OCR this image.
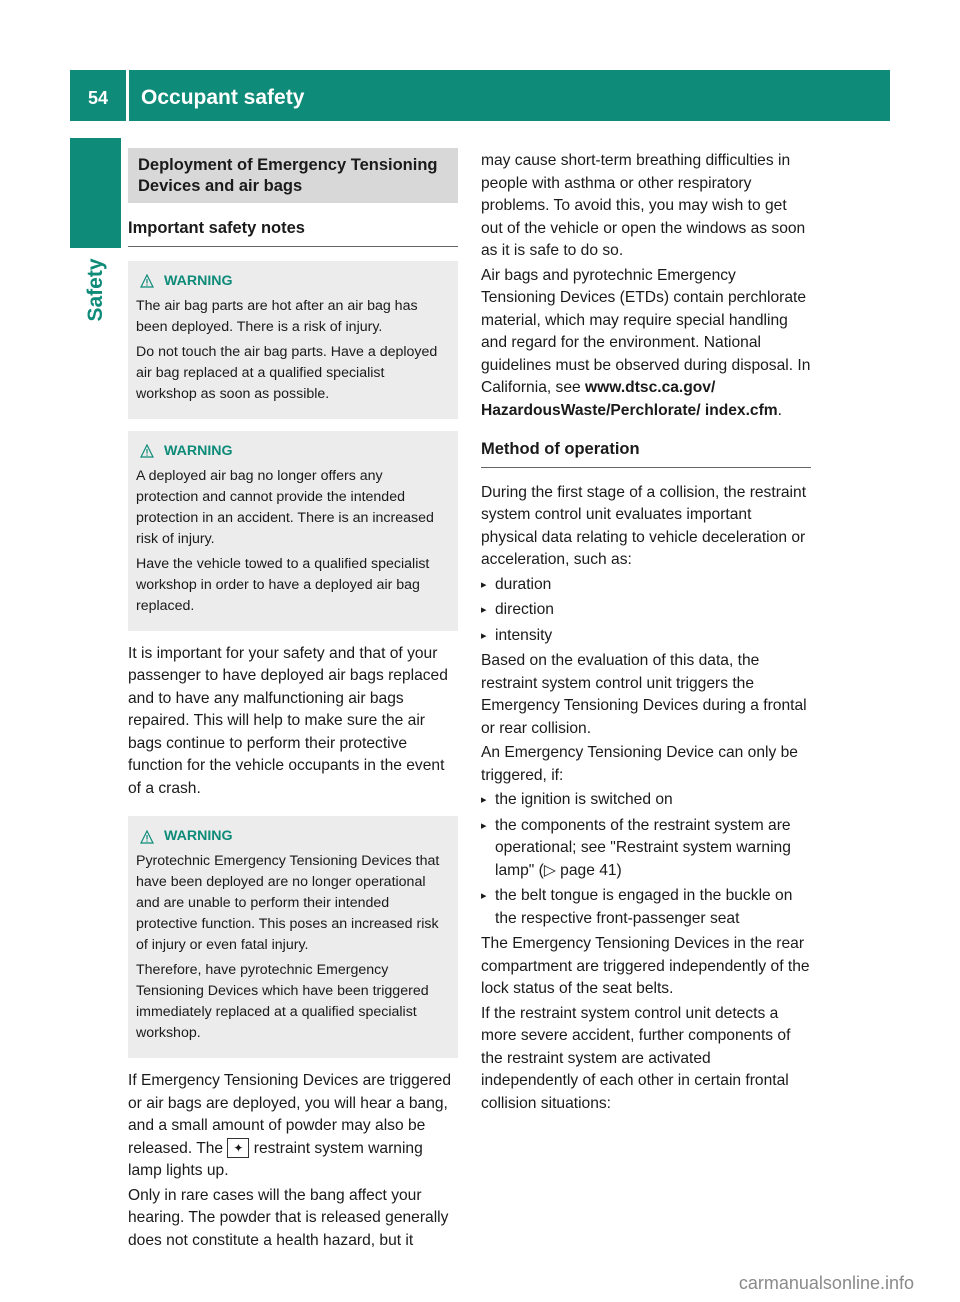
54	Occupant safety
Safety
Deployment of Emergency Tensioning Devices and air bags
Important safety notes
WARNING

The air bag parts are hot after an air bag has been deployed. There is a risk of injury.

Do not touch the air bag parts. Have a deployed air bag replaced at a qualified specialist workshop as soon as possible.

WARNING

A deployed air bag no longer offers any protection and cannot provide the intended protection in an accident. There is an increased risk of injury.

Have the vehicle towed to a qualified specialist workshop in order to have a deployed air bag replaced.

It is important for your safety and that of your passenger to have deployed air bags replaced and to have any malfunctioning air bags repaired. This will help to make sure the air bags continue to perform their protective function for the vehicle occupants in the event of a crash.

WARNING

Pyrotechnic Emergency Tensioning Devices that have been deployed are no longer operational and are unable to perform their intended protective function. This poses an increased risk of injury or even fatal injury.

Therefore, have pyrotechnic Emergency Tensioning Devices which have been triggered immediately replaced at a qualified specialist workshop.

If Emergency Tensioning Devices are triggered or air bags are deployed, you will hear a bang, and a small amount of powder may also be released. The ✦ restraint system warning lamp lights up.

Only in rare cases will the bang affect your hearing. The powder that is released generally does not constitute a health hazard, but it

may cause short-term breathing difficulties in people with asthma or other respiratory problems. To avoid this, you may wish to get out of the vehicle or open the windows as soon as it is safe to do so.

Air bags and pyrotechnic Emergency Tensioning Devices (ETDs) contain perchlorate material, which may require special handling and regard for the environment. National guidelines must be observed during disposal. In California, see www.dtsc.ca.gov/ HazardousWaste/Perchlorate/ index.cfm.

Method of operation

During the first stage of a collision, the restraint system control unit evaluates important physical data relating to vehicle deceleration or acceleration, such as:

▸ duration
▸ direction
▸ intensity

Based on the evaluation of this data, the restraint system control unit triggers the Emergency Tensioning Devices during a frontal or rear collision.

An Emergency Tensioning Device can only be triggered, if:

▸ the ignition is switched on
▸ the components of the restraint system are operational; see "Restraint system warning lamp" (▷ page 41)
▸ the belt tongue is engaged in the buckle on the respective front-passenger seat

The Emergency Tensioning Devices in the rear compartment are triggered independently of the lock status of the seat belts.

If the restraint system control unit detects a more severe accident, further components of the restraint system are activated independently of each other in certain frontal collision situations:

carmanualsonline.info
